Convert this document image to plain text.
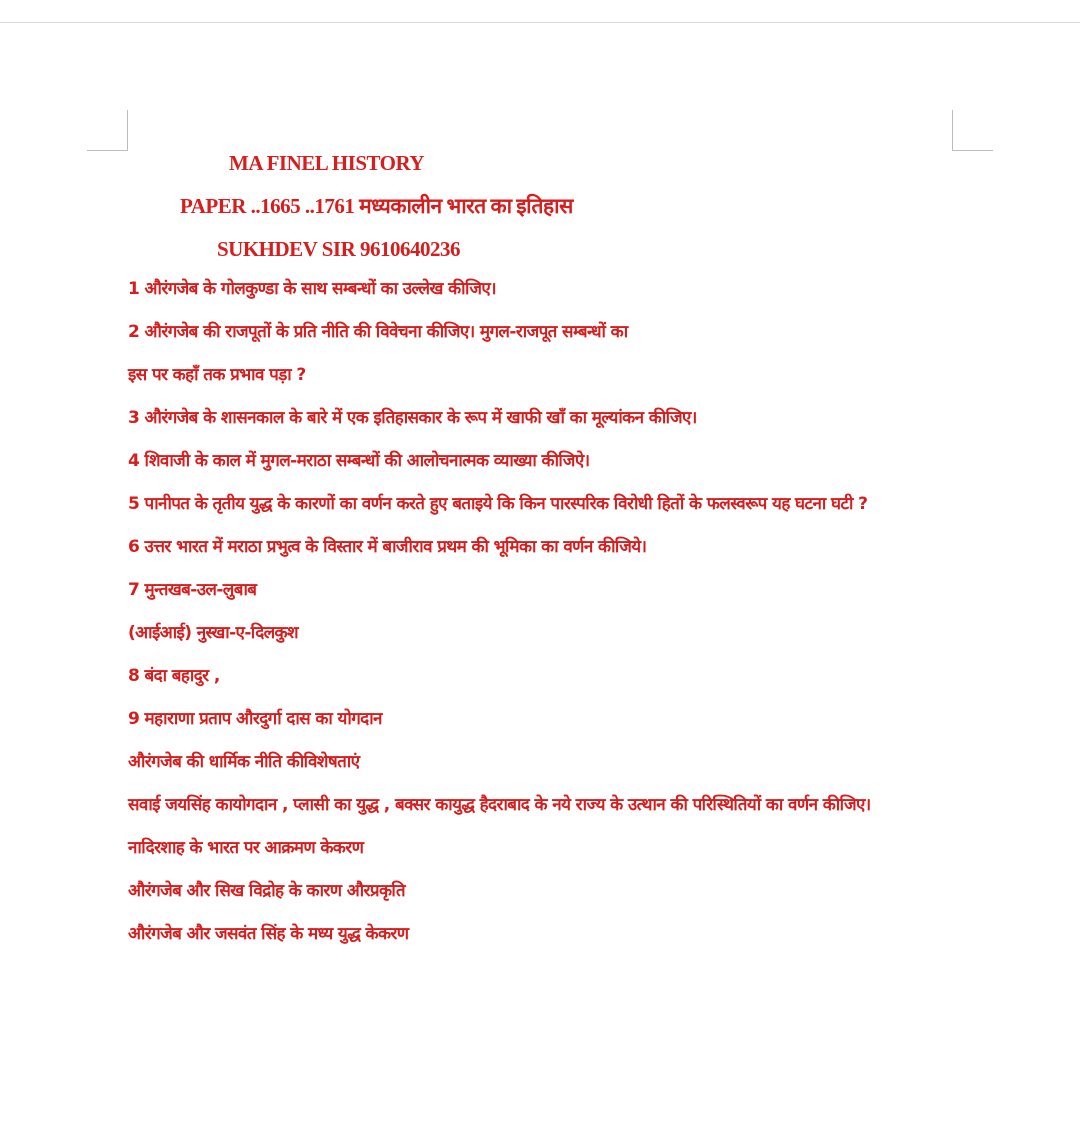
MA FINEL HISTORY
PAPER ..1665 ..1761 मध्यकालीन भारत का इतिहास
SUKHDEV SIR 9610640236
1 औरंगजेब के गोलकुण्डा के साथ सम्बन्धों का उल्लेख कीजिए।
2 औरंगजेब की राजपूतों के प्रति नीति की विवेचना कीजिए। मुगल-राजपूत सम्बन्धों का
इस पर कहाँ तक प्रभाव पड़ा ?
3 औरंगजेब के शासनकाल के बारे में एक इतिहासकार के रूप में खाफी खाँ का मूल्यांकन कीजिए।
4 शिवाजी के काल में मुगल-मराठा सम्बन्धों की आलोचनात्मक व्याख्या कीजिऐ।
5 पानीपत के तृतीय युद्ध के कारणों का वर्णन करते हुए बताइये कि किन पारस्परिक विरोधी हितों के फलस्वरूप यह घटना घटी ?
6 उत्तर भारत में मराठा प्रभुत्व के विस्तार में बाजीराव प्रथम की भूमिका का वर्णन कीजिये।
7 मुन्तखब-उल-लुबाब
(आईआई) नुस्खा-ए-दिलकुश
8 बंदा बहादुर ,
9 महाराणा प्रताप औरदुर्गा दास का योगदान
औरंगजेब की धार्मिक नीति कीविशेषताएं
सवाई जयसिंह कायोगदान , प्लासी का युद्ध , बक्सर कायुद्ध हैदराबाद के नये राज्य के उत्थान की परिस्थितियों का वर्णन कीजिए।
नादिरशाह के भारत पर आक्रमण केकरण
औरंगजेब और सिख विद्रोह के कारण औरप्रकृति
औरंगजेब और जसवंत सिंह के मध्य युद्ध केकरण
